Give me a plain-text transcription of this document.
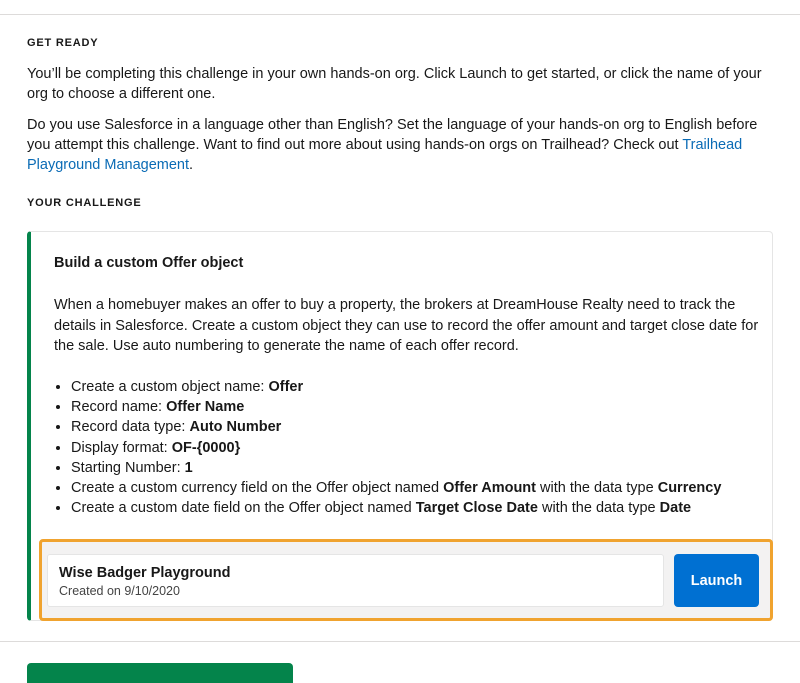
GET READY
You’ll be completing this challenge in your own hands-on org. Click Launch to get started, or click the name of your org to choose a different one.
Do you use Salesforce in a language other than English? Set the language of your hands-on org to English before you attempt this challenge. Want to find out more about using hands-on orgs on Trailhead? Check out Trailhead Playground Management.
YOUR CHALLENGE
Build a custom Offer object
When a homebuyer makes an offer to buy a property, the brokers at DreamHouse Realty need to track the details in Salesforce. Create a custom object they can use to record the offer amount and target close date for the sale. Use auto numbering to generate the name of each offer record.
• Create a custom object name: Offer
• Record name: Offer Name
• Record data type: Auto Number
• Display format: OF-{0000}
• Starting Number: 1
• Create a custom currency field on the Offer object named Offer Amount with the data type Currency
• Create a custom date field on the Offer object named Target Close Date with the data type Date
Wise Badger Playground
Created on 9/10/2020
Launch
